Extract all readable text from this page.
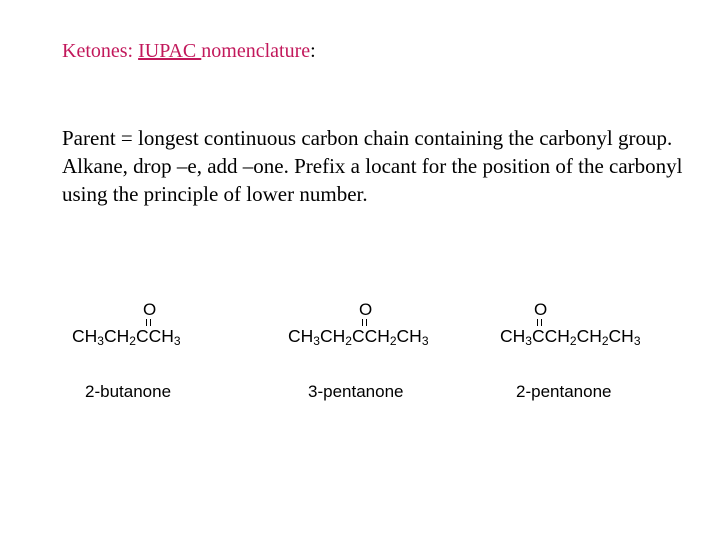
Ketones: IUPAC nomenclature:
Parent = longest continuous carbon chain containing the carbonyl group. Alkane, drop –e, add –one. Prefix a locant for the position of the carbonyl using the principle of lower number.
O
$CH_3CH_2CCH_3$
2-butanone
O
$CH_3CH_2CCH_2CH_3$
3-pentanone
O
$CH_3CCH_2CH_2CH_3$
2-pentanone
